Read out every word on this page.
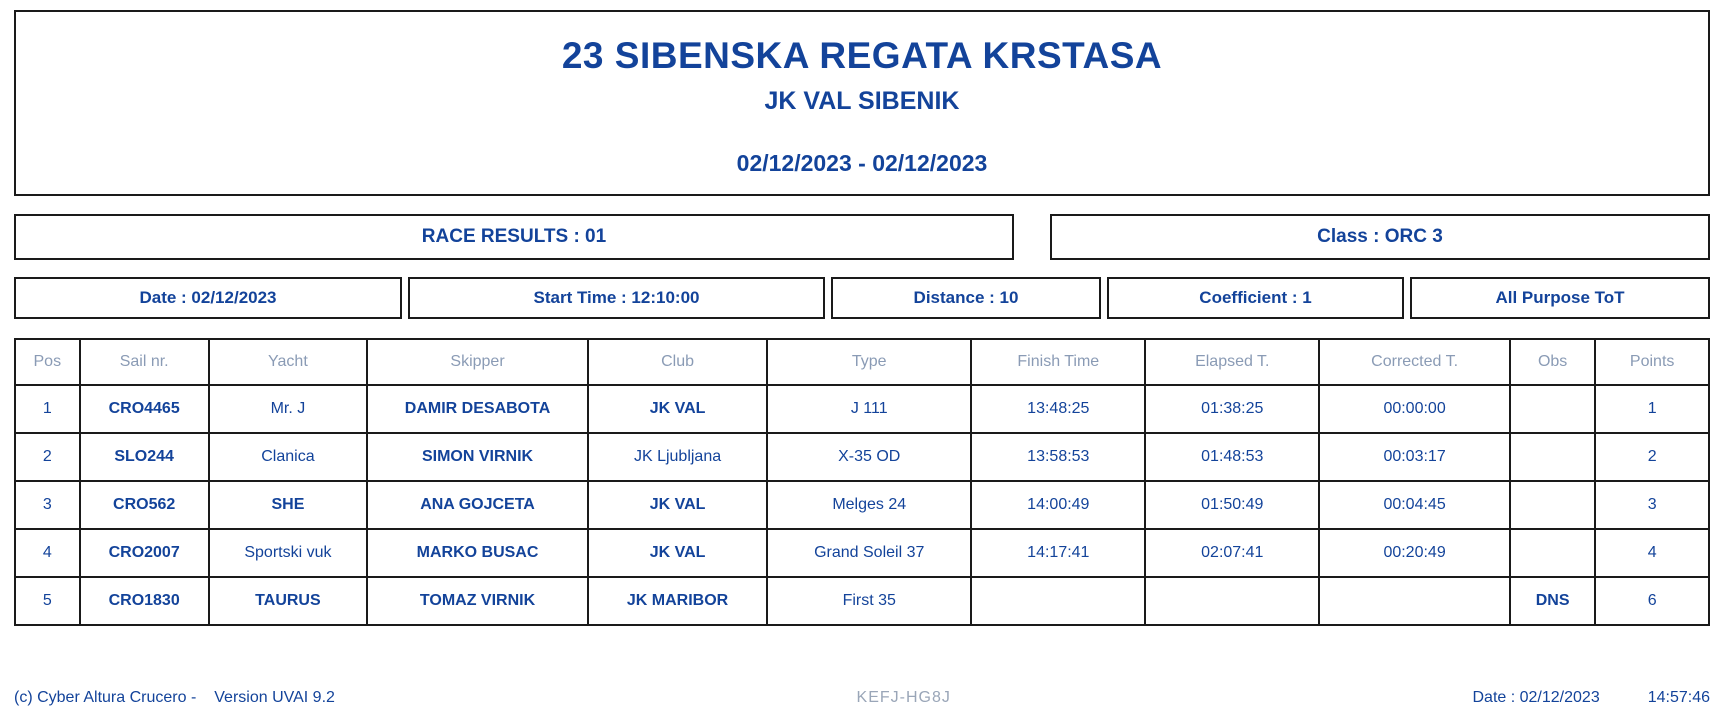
23 SIBENSKA REGATA KRSTASA
JK VAL SIBENIK
02/12/2023 - 02/12/2023
RACE RESULTS : 01	Class : ORC 3
Date : 02/12/2023	Start Time : 12:10:00	Distance : 10	Coefficient : 1	All Purpose ToT
Pos	Sail nr.	Yacht	Skipper	Club	Type	Finish Time	Elapsed T.	Corrected T.	Obs	Points
1	CRO4465	Mr. J	DAMIR DESABOTA	JK VAL	J 111	13:48:25	01:38:25	00:00:00		1
2	SLO244	Clanica	SIMON VIRNIK	JK Ljubljana	X-35 OD	13:58:53	01:48:53	00:03:17		2
3	CRO562	SHE	ANA GOJCETA	JK VAL	Melges 24	14:00:49	01:50:49	00:04:45		3
4	CRO2007	Sportski vuk	MARKO BUSAC	JK VAL	Grand Soleil 37	14:17:41	02:07:41	00:20:49		4
5	CRO1830	TAURUS	TOMAZ VIRNIK	JK MARIBOR	First 35				DNS	6
(c) Cyber Altura Crucero - Version UVAI 9.2	KEFJ-HG8J	Date : 02/12/2023	14:57:46
